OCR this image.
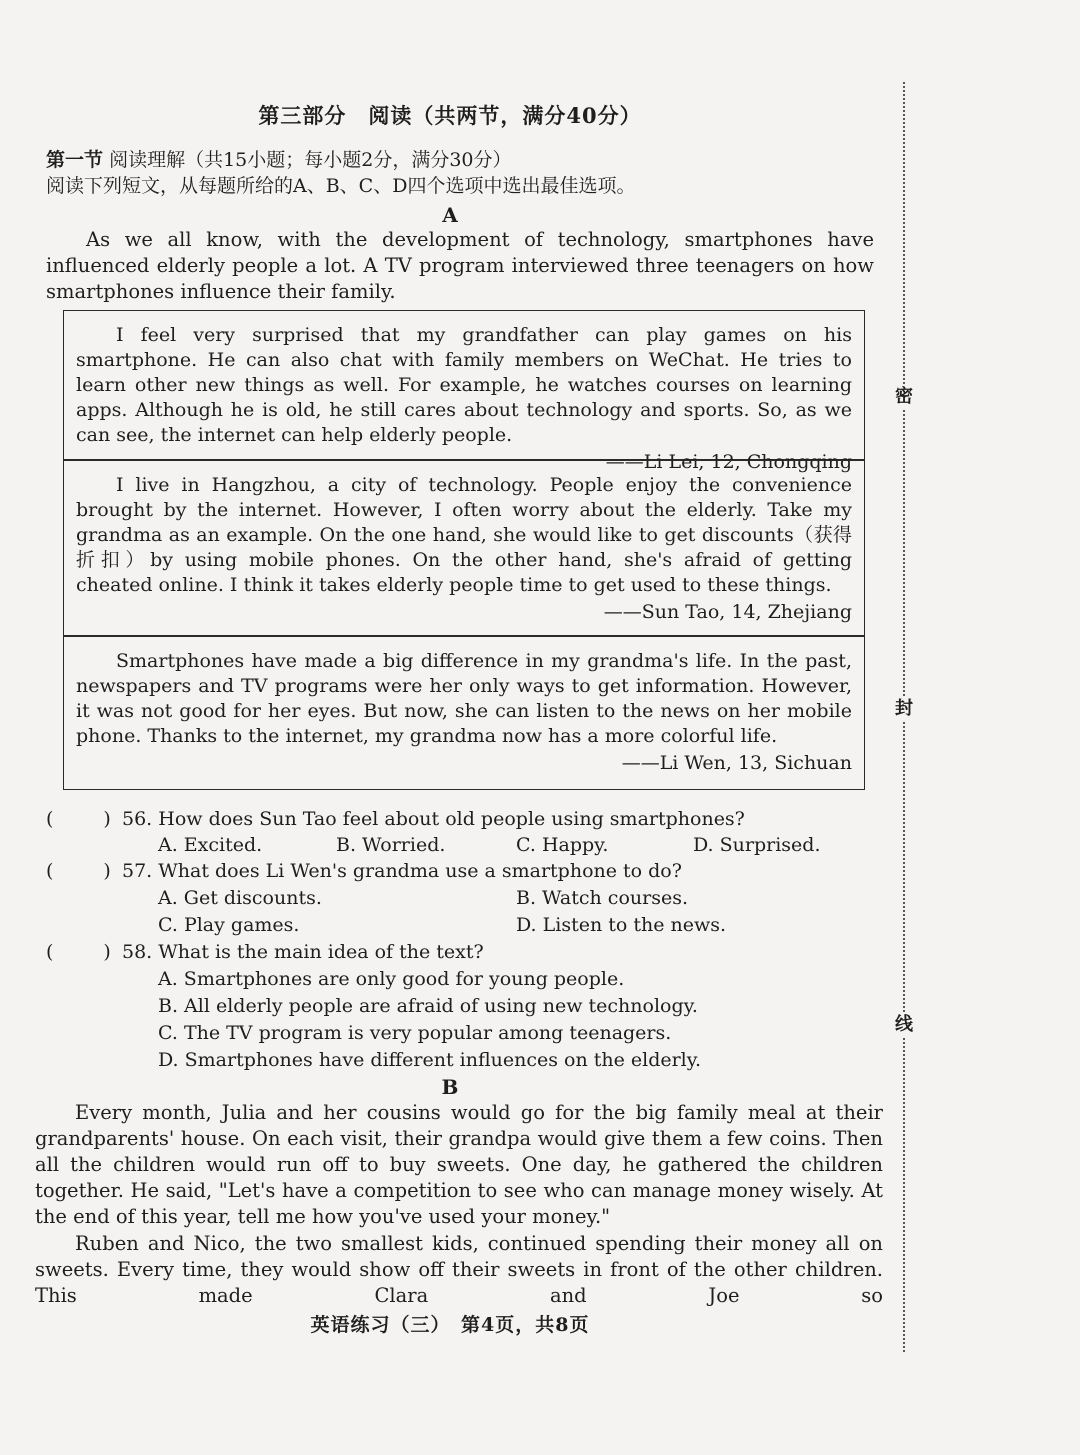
第三部分　阅读（共两节，满分40分）
第一节 阅读理解（共15小题；每小题2分，满分30分）
阅读下列短文，从每题所给的A、B、C、D四个选项中选出最佳选项。
A
As we all know, with the development of technology, smartphones have influenced elderly people a lot. A TV program interviewed three teenagers on how smartphones influence their family.
I feel very surprised that my grandfather can play games on his smartphone. He can also chat with family members on WeChat. He tries to learn other new things as well. For example, he watches courses on learning apps. Although he is old, he still cares about technology and sports. So, as we can see, the internet can help elderly people.
——Li Lei, 12, Chongqing
I live in Hangzhou, a city of technology. People enjoy the convenience brought by the internet. However, I often worry about the elderly. Take my grandma as an example. On the one hand, she would like to get discounts（获得折扣）by using mobile phones. On the other hand, she's afraid of getting cheated online. I think it takes elderly people time to get used to these things.
——Sun Tao, 14, Zhejiang
Smartphones have made a big difference in my grandma's life. In the past, newspapers and TV programs were her only ways to get information. However, it was not good for her eyes. But now, she can listen to the news on her mobile phone. Thanks to the internet, my grandma now has a more colorful life.
——Li Wen, 13, Sichuan
(	) 56. How does Sun Tao feel about old people using smartphones?
A. Excited.	B. Worried.	C. Happy.	D. Surprised.
(	) 57. What does Li Wen's grandma use a smartphone to do?
A. Get discounts.	B. Watch courses.
C. Play games.	D. Listen to the news.
(	) 58. What is the main idea of the text?
A. Smartphones are only good for young people.
B. All elderly people are afraid of using new technology.
C. The TV program is very popular among teenagers.
D. Smartphones have different influences on the elderly.
B
Every month, Julia and her cousins would go for the big family meal at their grandparents' house. On each visit, their grandpa would give them a few coins. Then all the children would run off to buy sweets. One day, he gathered the children together. He said, "Let's have a competition to see who can manage money wisely. At the end of this year, tell me how you've used your money."
Ruben and Nico, the two smallest kids, continued spending their money all on sweets. Every time, they would show off their sweets in front of the other children. This made Clara and Joe so
英语练习（三）　第4页，共8页
密
封
线
